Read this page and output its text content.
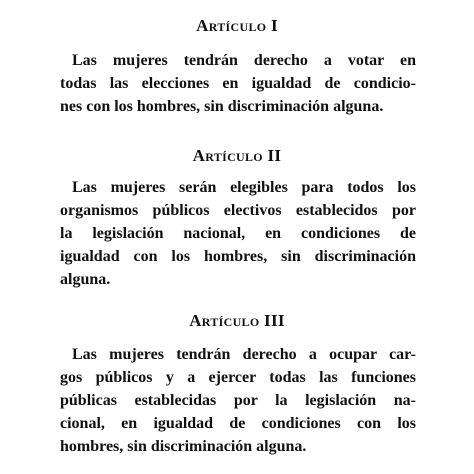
Artículo I
Las mujeres tendrán derecho a votar en
todas las elecciones en igualdad de condicio-
nes con los hombres, sin discriminación alguna.
Artículo II
Las mujeres serán elegibles para todos los
organismos públicos electivos establecidos por
la legislación nacional, en condiciones de
igualdad con los hombres, sin discriminación
alguna.
Artículo III
Las mujeres tendrán derecho a ocupar car-
gos públicos y a ejercer todas las funciones
públicas establecidas por la legislación na-
cional, en igualdad de condiciones con los
hombres, sin discriminación alguna.
